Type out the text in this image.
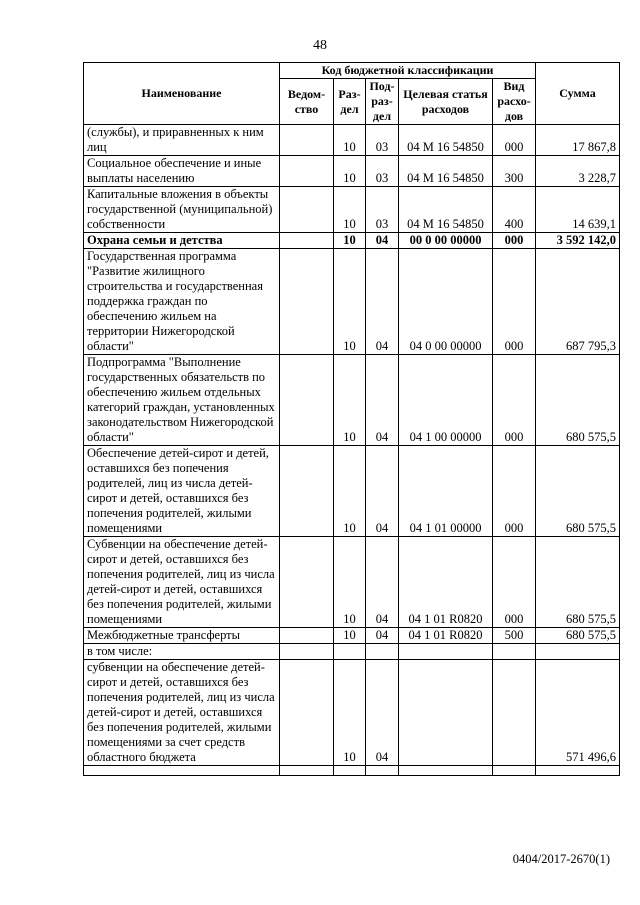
48
Наименование	Код бюджетной классификации					Сумма
	Ведом-ство	Раз-дел	Под-раз-дел	Целевая статья расходов	Вид расхо-дов	
(службы), и приравненных к ним лиц		10	03	04 М 16 54850	000	17 867,8
Социальное обеспечение и иные выплаты населению		10	03	04 М 16 54850	300	3 228,7
Капитальные вложения в объекты государственной (муниципальной) собственности		10	03	04 М 16 54850	400	14 639,1
Охрана семьи и детства		10	04	00 0 00 00000	000	3 592 142,0
Государственная программа "Развитие жилищного строительства и государственная поддержка граждан по обеспечению жильем на территории Нижегородской области"		10	04	04 0 00 00000	000	687 795,3
Подпрограмма "Выполнение государственных обязательств по обеспечению жильем отдельных категорий граждан, установленных законодательством Нижегородской области"		10	04	04 1 00 00000	000	680 575,5
Обеспечение детей-сирот и детей, оставшихся без попечения родителей, лиц из числа детей-сирот и детей, оставшихся без попечения родителей, жилыми помещениями		10	04	04 1 01 00000	000	680 575,5
Субвенции на обеспечение детей-сирот и детей, оставшихся без попечения родителей, лиц из числа детей-сирот и детей, оставшихся без попечения родителей, жилыми помещениями		10	04	04 1 01 R0820	000	680 575,5
Межбюджетные трансферты		10	04	04 1 01 R0820	500	680 575,5
в том числе:						
субвенции на обеспечение детей-сирот и детей, оставшихся без попечения родителей, лиц из числа детей-сирот и детей, оставшихся без попечения родителей, жилыми помещениями за счет средств областного бюджета		10	04			571 496,6

0404/2017-2670(1)
